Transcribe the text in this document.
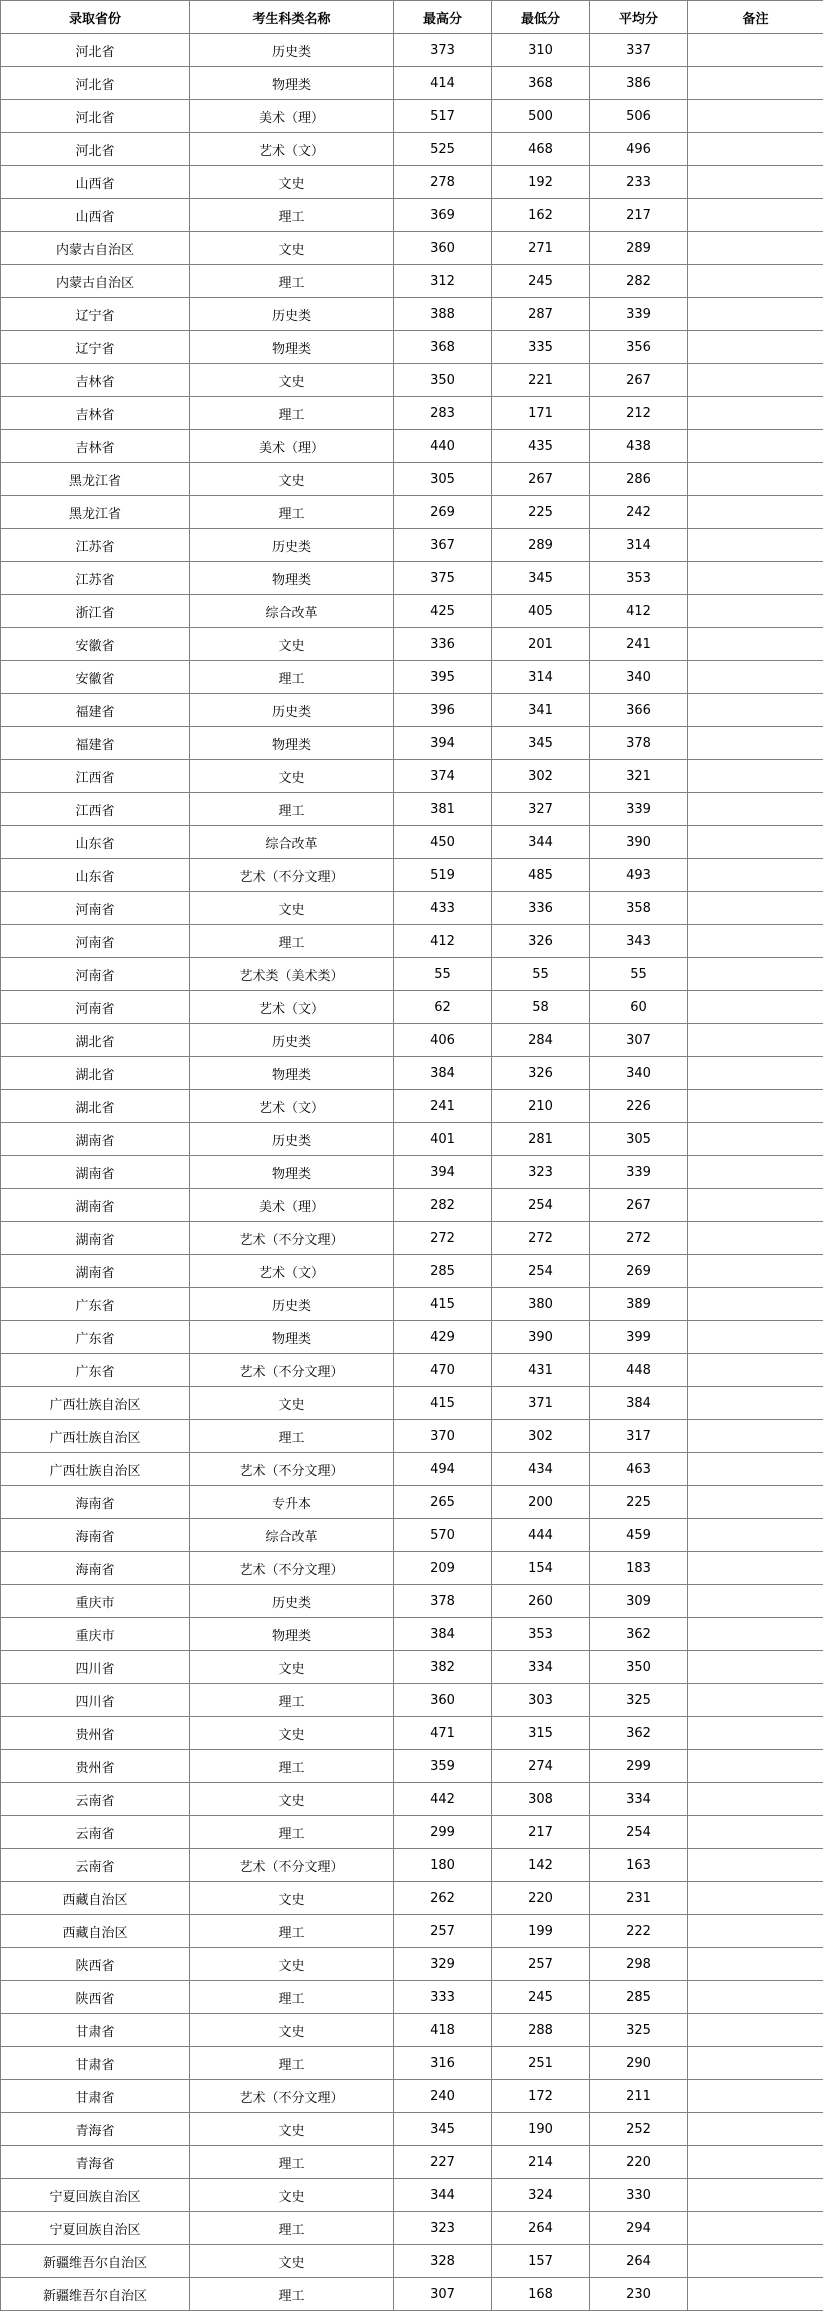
录取省份	考生科类名称	最高分	最低分	平均分	备注
河北省	历史类	373	310	337	
河北省	物理类	414	368	386	
河北省	美术（理）	517	500	506	
河北省	艺术（文）	525	468	496	
山西省	文史	278	192	233	
山西省	理工	369	162	217	
内蒙古自治区	文史	360	271	289	
内蒙古自治区	理工	312	245	282	
辽宁省	历史类	388	287	339	
辽宁省	物理类	368	335	356	
吉林省	文史	350	221	267	
吉林省	理工	283	171	212	
吉林省	美术（理）	440	435	438	
黑龙江省	文史	305	267	286	
黑龙江省	理工	269	225	242	
江苏省	历史类	367	289	314	
江苏省	物理类	375	345	353	
浙江省	综合改革	425	405	412	
安徽省	文史	336	201	241	
安徽省	理工	395	314	340	
福建省	历史类	396	341	366	
福建省	物理类	394	345	378	
江西省	文史	374	302	321	
江西省	理工	381	327	339	
山东省	综合改革	450	344	390	
山东省	艺术（不分文理）	519	485	493	
河南省	文史	433	336	358	
河南省	理工	412	326	343	
河南省	艺术类（美术类）	55	55	55	
河南省	艺术（文）	62	58	60	
湖北省	历史类	406	284	307	
湖北省	物理类	384	326	340	
湖北省	艺术（文）	241	210	226	
湖南省	历史类	401	281	305	
湖南省	物理类	394	323	339	
湖南省	美术（理）	282	254	267	
湖南省	艺术（不分文理）	272	272	272	
湖南省	艺术（文）	285	254	269	
广东省	历史类	415	380	389	
广东省	物理类	429	390	399	
广东省	艺术（不分文理）	470	431	448	
广西壮族自治区	文史	415	371	384	
广西壮族自治区	理工	370	302	317	
广西壮族自治区	艺术（不分文理）	494	434	463	
海南省	专升本	265	200	225	
海南省	综合改革	570	444	459	
海南省	艺术（不分文理）	209	154	183	
重庆市	历史类	378	260	309	
重庆市	物理类	384	353	362	
四川省	文史	382	334	350	
四川省	理工	360	303	325	
贵州省	文史	471	315	362	
贵州省	理工	359	274	299	
云南省	文史	442	308	334	
云南省	理工	299	217	254	
云南省	艺术（不分文理）	180	142	163	
西藏自治区	文史	262	220	231	
西藏自治区	理工	257	199	222	
陕西省	文史	329	257	298	
陕西省	理工	333	245	285	
甘肃省	文史	418	288	325	
甘肃省	理工	316	251	290	
甘肃省	艺术（不分文理）	240	172	211	
青海省	文史	345	190	252	
青海省	理工	227	214	220	
宁夏回族自治区	文史	344	324	330	
宁夏回族自治区	理工	323	264	294	
新疆维吾尔自治区	文史	328	157	264	
新疆维吾尔自治区	理工	307	168	230	
